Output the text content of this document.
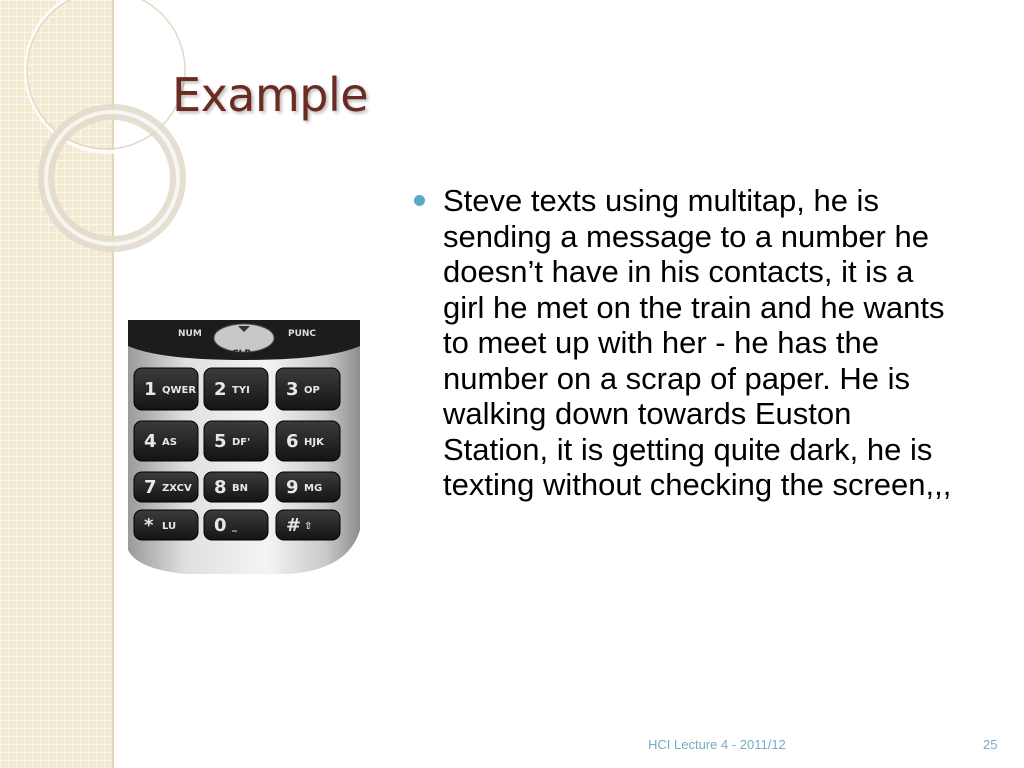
Example
1 QWER 2 TYI 3 OP
4 AS 5 DF' 6 HJK
7 ZXCV 8 BN 9 MG
* LU 0 _	# ⇧
NUM
CLR
PUNC

Steve texts using multitap, he is sending a message to a number he doesn’t have in his contacts, it is a girl he met on the train and he wants to meet up with her - he has the number on a scrap of paper. He is walking down towards Euston Station, it is getting quite dark, he is texting without checking the screen,,,

HCI Lecture 4 - 2011/12	25
